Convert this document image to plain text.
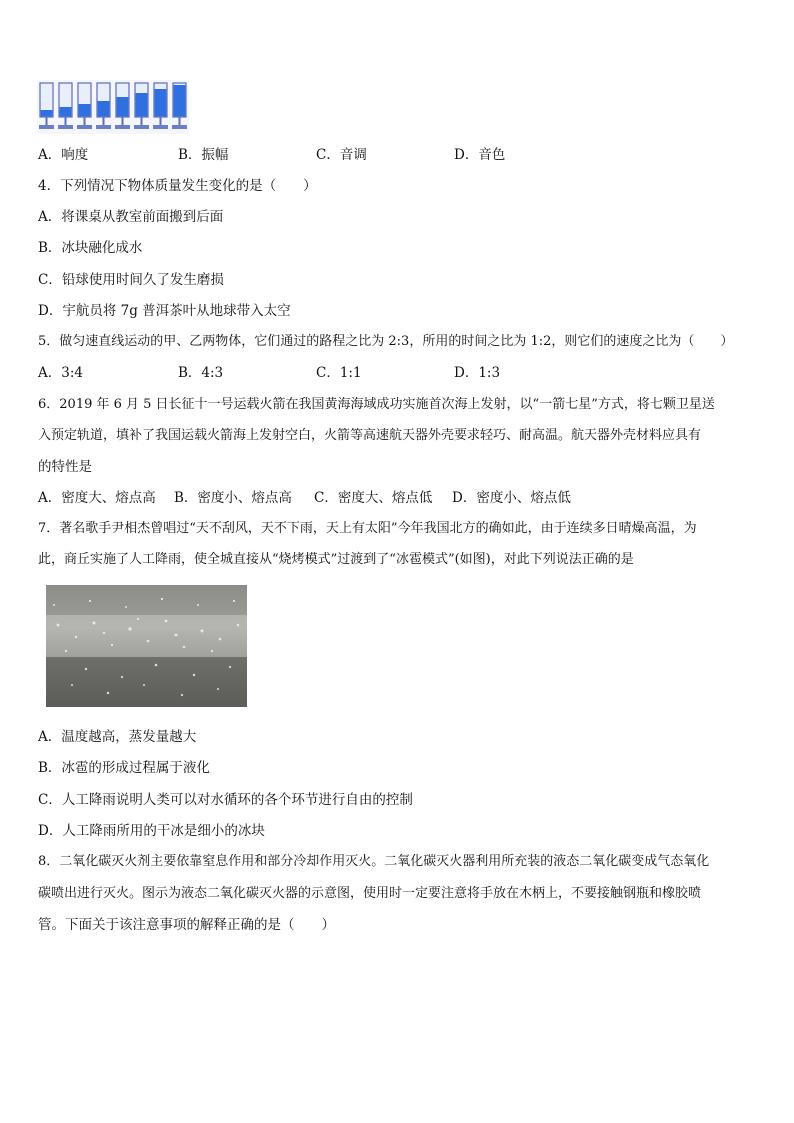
A．响度	B．振幅	C．音调	D．音色
4．下列情况下物体质量发生变化的是（　　）
A．将课桌从教室前面搬到后面
B．冰块融化成水
C．铅球使用时间久了发生磨损
D．宇航员将 7g 普洱茶叶从地球带入太空
5．做匀速直线运动的甲、乙两物体，它们通过的路程之比为 2:3，所用的时间之比为 1:2，则它们的速度之比为（　　）
A．3:4	B．4:3	C．1:1	D．1:3
6．2019 年 6 月 5 日长征十一号运载火箭在我国黄海海域成功实施首次海上发射，以“一箭七星”方式，将七颗卫星送
入预定轨道，填补了我国运载火箭海上发射空白，火箭等高速航天器外壳要求轻巧、耐高温。航天器外壳材料应具有
的特性是
A．密度大、熔点高 B．密度小、熔点高 C．密度大、熔点低 D．密度小、熔点低
7．著名歌手尹相杰曾唱过“天不刮风，天不下雨，天上有太阳”今年我国北方的确如此，由于连续多日晴燥高温，为
此，商丘实施了人工降雨，使全城直接从“烧烤模式”过渡到了“冰雹模式”(如图)，对此下列说法正确的是
A．温度越高，蒸发量越大
B．冰雹的形成过程属于液化
C．人工降雨说明人类可以对水循环的各个环节进行自由的控制
D．人工降雨所用的干冰是细小的冰块
8．二氧化碳灭火剂主要依靠窒息作用和部分冷却作用灭火。二氧化碳灭火器利用所充装的液态二氧化碳变成气态氧化
碳喷出进行灭火。图示为液态二氧化碳灭火器的示意图，使用时一定要注意将手放在木柄上，不要接触钢瓶和橡胶喷
管。下面关于该注意事项的解释正确的是（　　）
